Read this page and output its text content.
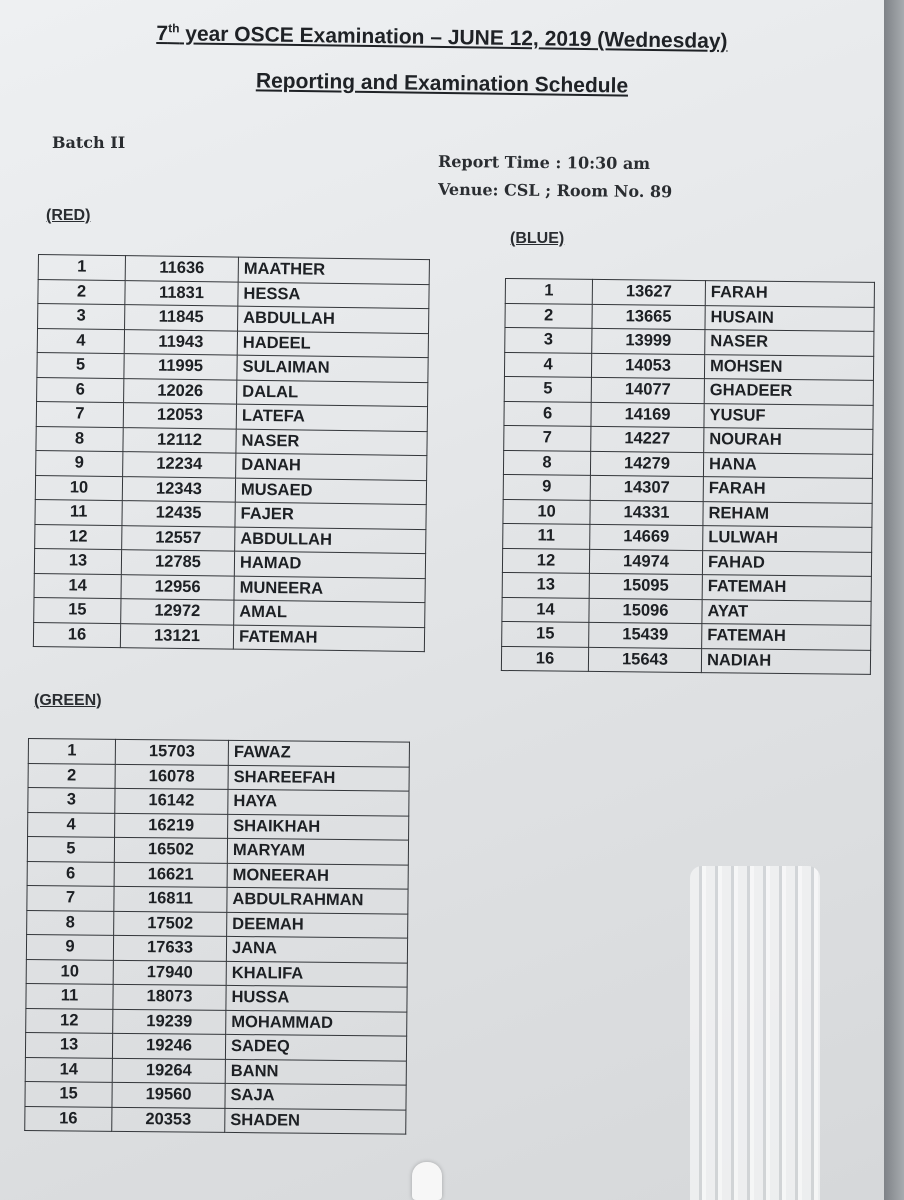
7th year OSCE Examination – JUNE 12, 2019 (Wednesday)
Reporting and Examination Schedule
Batch II
Report Time : 10:30 am
Venue: CSL ; Room No. 89
(RED)
1	11636	MAATHER
2	11831	HESSA
3	11845	ABDULLAH
4	11943	HADEEL
5	11995	SULAIMAN
6	12026	DALAL
7	12053	LATEFA
8	12112	NASER
9	12234	DANAH
10	12343	MUSAED
11	12435	FAJER
12	12557	ABDULLAH
13	12785	HAMAD
14	12956	MUNEERA
15	12972	AMAL
16	13121	FATEMAH
(BLUE)
1	13627	FARAH
2	13665	HUSAIN
3	13999	NASER
4	14053	MOHSEN
5	14077	GHADEER
6	14169	YUSUF
7	14227	NOURAH
8	14279	HANA
9	14307	FARAH
10	14331	REHAM
11	14669	LULWAH
12	14974	FAHAD
13	15095	FATEMAH
14	15096	AYAT
15	15439	FATEMAH
16	15643	NADIAH
(GREEN)
1	15703	FAWAZ
2	16078	SHAREEFAH
3	16142	HAYA
4	16219	SHAIKHAH
5	16502	MARYAM
6	16621	MONEERAH
7	16811	ABDULRAHMAN
8	17502	DEEMAH
9	17633	JANA
10	17940	KHALIFA
11	18073	HUSSA
12	19239	MOHAMMAD
13	19246	SADEQ
14	19264	BANN
15	19560	SAJA
16	20353	SHADEN
